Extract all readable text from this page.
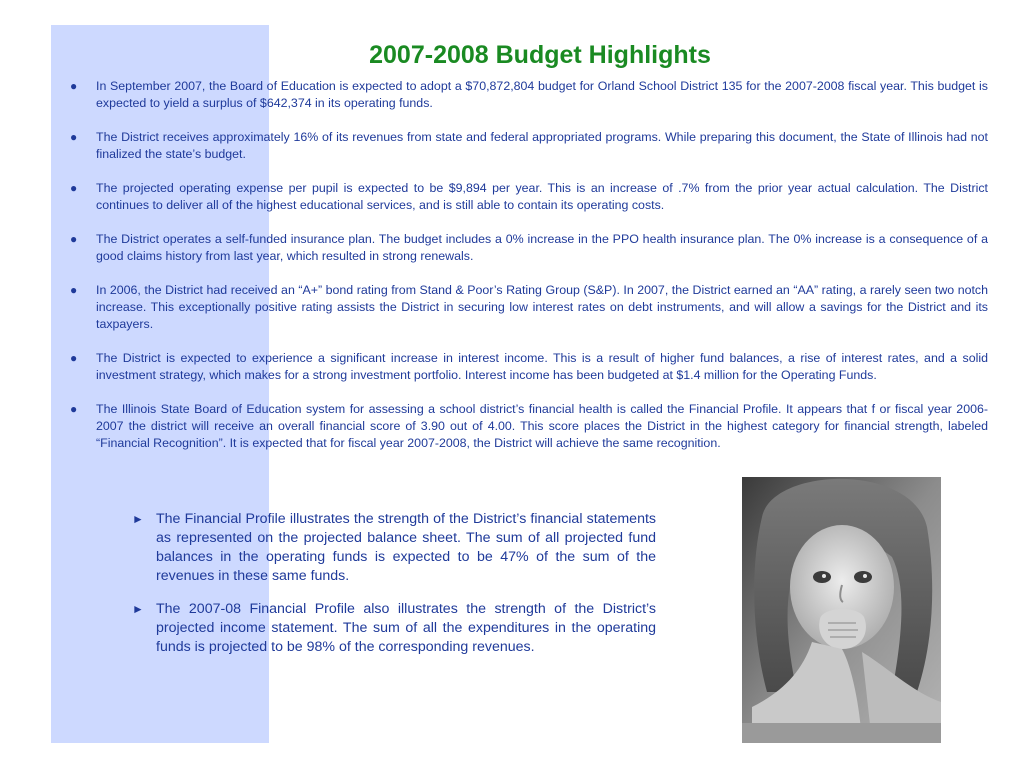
2007-2008 Budget Highlights
● In September 2007, the Board of Education is expected to adopt a $70,872,804 budget for Orland School District 135 for the 2007-2008 fiscal year. This budget is expected to yield a surplus of $642,374 in its operating funds.
● The District receives approximately 16% of its revenues from state and federal appropriated programs. While preparing this document, the State of Illinois had not finalized the state’s budget.
● The projected operating expense per pupil is expected to be $9,894 per year. This is an increase of .7% from the prior year actual calculation. The District continues to deliver all of the highest educational services, and is still able to contain its operating costs.
● The District operates a self-funded insurance plan. The budget includes a 0% increase in the PPO health insurance plan. The 0% increase is a consequence of a good claims history from last year, which resulted in strong renewals.
● In 2006, the District had received an “A+” bond rating from Stand & Poor’s Rating Group (S&P). In 2007, the District earned an “AA” rating, a rarely seen two notch increase. This exceptionally positive rating assists the District in securing low interest rates on debt instruments, and will allow a savings for the District and its taxpayers.
● The District is expected to experience a significant increase in interest income. This is a result of higher fund balances, a rise of interest rates, and a solid investment strategy, which makes for a strong investment portfolio. Interest income has been budgeted at $1.4 million for the Operating Funds.
● The Illinois State Board of Education system for assessing a school district’s financial health is called the Financial Profile. It appears that f or fiscal year 2006-2007 the district will receive an overall financial score of 3.90 out of 4.00. This score places the District in the highest category for financial strength, labeled “Financial Recognition”. It is expected that for fiscal year 2007-2008, the District will achieve the same recognition.
► The Financial Profile illustrates the strength of the District’s financial statements as represented on the projected balance sheet. The sum of all projected fund balances in the operating funds is expected to be 47% of the sum of the revenues in these same funds.
► The 2007-08 Financial Profile also illustrates the strength of the District’s projected income statement. The sum of all the expenditures in the operating funds is projected to be 98% of the corresponding revenues.
